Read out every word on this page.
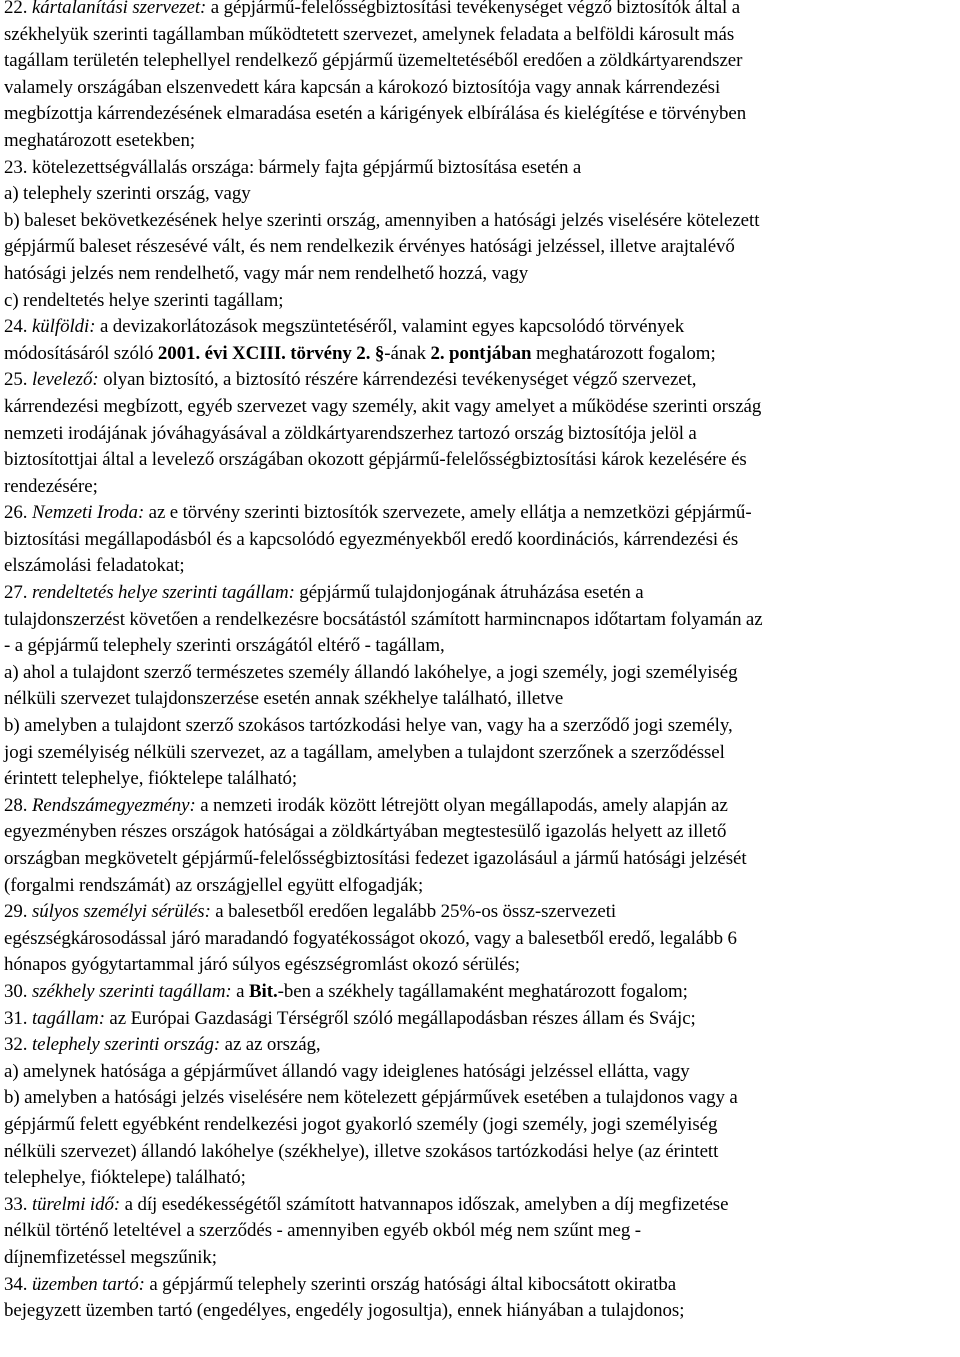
22. kártalanítási szervezet: a gépjármű-felelősségbiztosítási tevékenységet végző biztosítók által a
székhelyük szerinti tagállamban működtetett szervezet, amelynek feladata a belföldi károsult más
tagállam területén telephellyel rendelkező gépjármű üzemeltetéséből eredően a zöldkártyarendszer
valamely országában elszenvedett kára kapcsán a károkozó biztosítója vagy annak kárrendezési
megbízottja kárrendezésének elmaradása esetén a kárigények elbírálása és kielégítése e törvényben
meghatározott esetekben;
23. kötelezettségvállalás országa: bármely fajta gépjármű biztosítása esetén a
a) telephely szerinti ország, vagy
b) baleset bekövetkezésének helye szerinti ország, amennyiben a hatósági jelzés viselésére kötelezett
gépjármű baleset részesévé vált, és nem rendelkezik érvényes hatósági jelzéssel, illetve arajtalévő
hatósági jelzés nem rendelhető, vagy már nem rendelhető hozzá, vagy
c) rendeltetés helye szerinti tagállam;
24. külföldi: a devizakorlátozások megszüntetéséről, valamint egyes kapcsolódó törvények
módosításáról szóló 2001. évi XCIII. törvény 2. §-ának 2. pontjában meghatározott fogalom;
25. levelező: olyan biztosító, a biztosító részére kárrendezési tevékenységet végző szervezet,
kárrendezési megbízott, egyéb szervezet vagy személy, akit vagy amelyet a működése szerinti ország
nemzeti irodájának jóváhagyásával a zöldkártyarendszerhez tartozó ország biztosítója jelöl a
biztosítottjai által a levelező országában okozott gépjármű-felelősségbiztosítási károk kezelésére és
rendezésére;
26. Nemzeti Iroda: az e törvény szerinti biztosítók szervezete, amely ellátja a nemzetközi gépjármű-
biztosítási megállapodásból és a kapcsolódó egyezményekből eredő koordinációs, kárrendezési és
elszámolási feladatokat;
27. rendeltetés helye szerinti tagállam: gépjármű tulajdonjogának átruházása esetén a
tulajdonszerzést követően a rendelkezésre bocsátástól számított harmincnapos időtartam folyamán az
- a gépjármű telephely szerinti országától eltérő - tagállam,
a) ahol a tulajdont szerző természetes személy állandó lakóhelye, a jogi személy, jogi személyiség
nélküli szervezet tulajdonszerzése esetén annak székhelye található, illetve
b) amelyben a tulajdont szerző szokásos tartózkodási helye van, vagy ha a szerződő jogi személy,
jogi személyiség nélküli szervezet, az a tagállam, amelyben a tulajdont szerzőnek a szerződéssel
érintett telephelye, fióktelepe található;
28. Rendszámegyezmény: a nemzeti irodák között létrejött olyan megállapodás, amely alapján az
egyezményben részes országok hatóságai a zöldkártyában megtestesülő igazolás helyett az illető
országban megkövetelt gépjármű-felelősségbiztosítási fedezet igazolásául a jármű hatósági jelzését
(forgalmi rendszámát) az országjellel együtt elfogadják;
29. súlyos személyi sérülés: a balesetből eredően legalább 25%-os össz-szervezeti
egészségkárosodással járó maradandó fogyatékosságot okozó, vagy a balesetből eredő, legalább 6
hónapos gyógytartammal járó súlyos egészségromlást okozó sérülés;
30. székhely szerinti tagállam: a Bit.-ben a székhely tagállamaként meghatározott fogalom;
31. tagállam: az Európai Gazdasági Térségről szóló megállapodásban részes állam és Svájc;
32. telephely szerinti ország: az az ország,
a) amelynek hatósága a gépjárművet állandó vagy ideiglenes hatósági jelzéssel ellátta, vagy
b) amelyben a hatósági jelzés viselésére nem kötelezett gépjárművek esetében a tulajdonos vagy a
gépjármű felett egyébként rendelkezési jogot gyakorló személy (jogi személy, jogi személyiség
nélküli szervezet) állandó lakóhelye (székhelye), illetve szokásos tartózkodási helye (az érintett
telephelye, fióktelepe) található;
33. türelmi idő: a díj esedékességétől számított hatvannapos időszak, amelyben a díj megfizetése
nélkül történő leteltével a szerződés - amennyiben egyéb okból még nem szűnt meg -
díjnemfizetéssel megszűnik;
34. üzemben tartó: a gépjármű telephely szerinti ország hatósági által kibocsátott okiratba
bejegyzett üzemben tartó (engedélyes, engedély jogosultja), ennek hiányában a tulajdonos;
